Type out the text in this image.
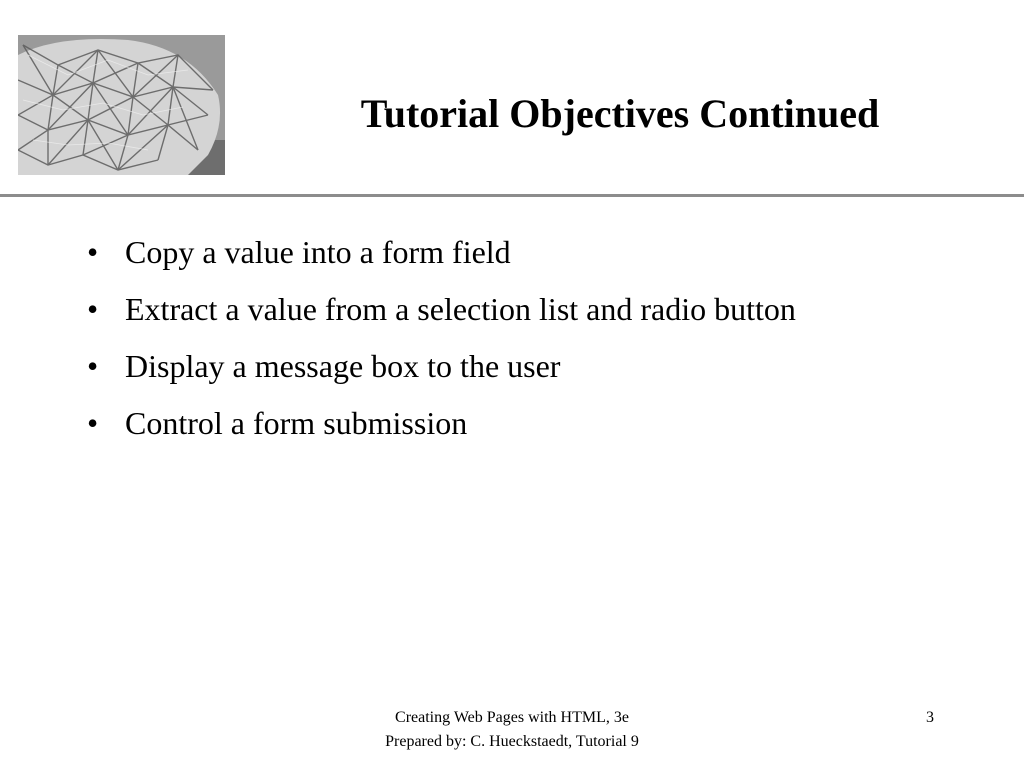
Tutorial Objectives Continued
• Copy a value into a form field
• Extract a value from a selection list and radio button
• Display a message box to the user
• Control a form submission
Creating Web Pages with HTML, 3e
Prepared by: C. Hueckstaedt, Tutorial 9
3
